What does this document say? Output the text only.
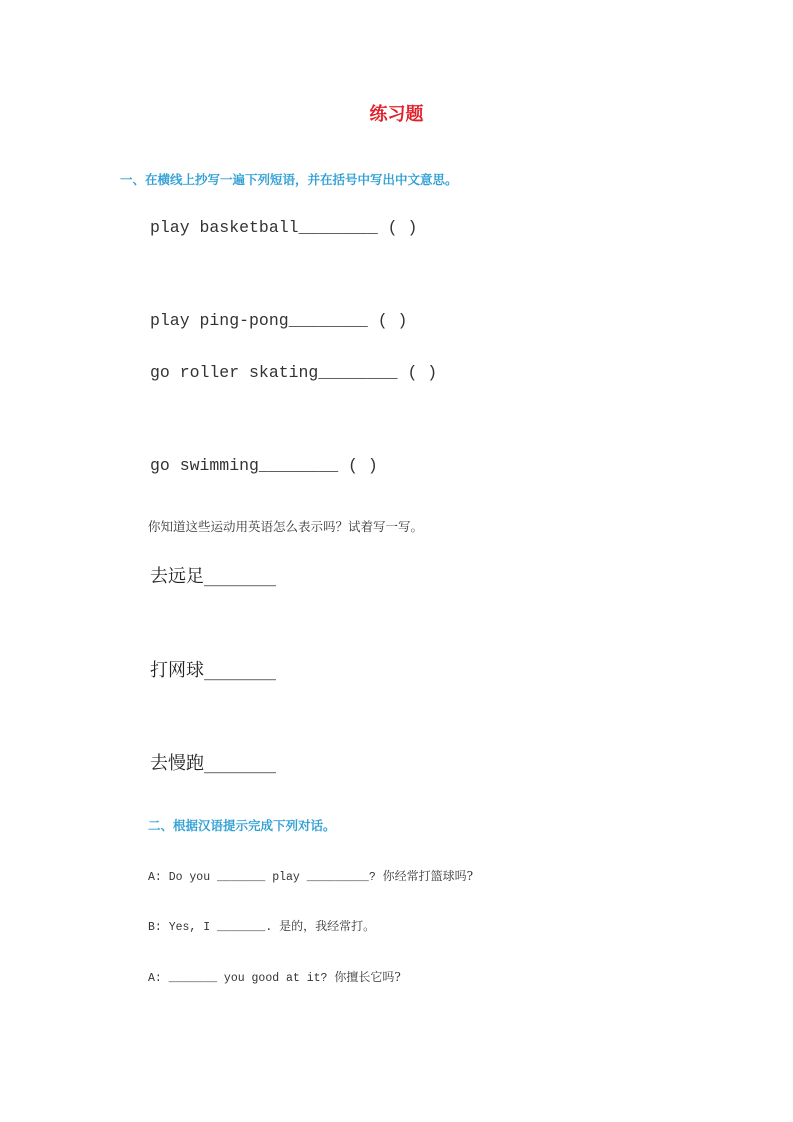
练习题
一、在横线上抄写一遍下列短语，并在括号中写出中文意思。
play basketball________ ( )
play ping-pong________ ( )
go roller skating________ ( )
go swimming________ ( )
你知道这些运动用英语怎么表示吗？试着写一写。
去远足________
打网球________
去慢跑________
二、根据汉语提示完成下列对话。
A: Do you _______ play _________? 你经常打篮球吗?
B: Yes, I _______. 是的，我经常打。
A: _______ you good at it? 你擅长它吗?
